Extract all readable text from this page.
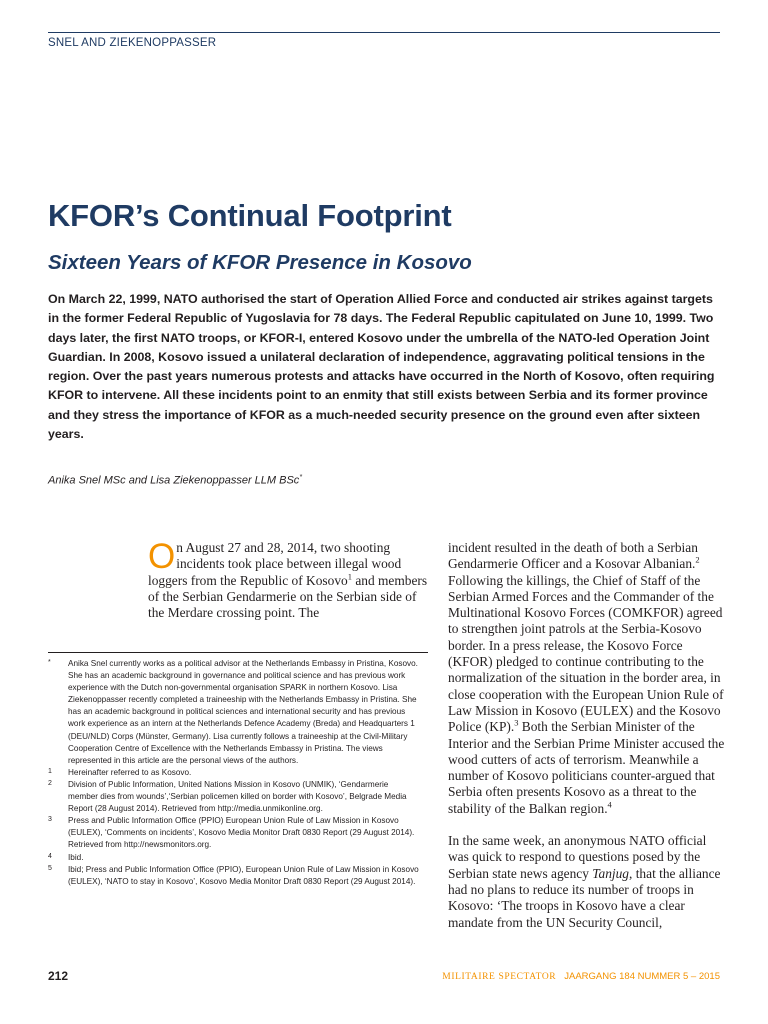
SNEL AND ZIEKENOPPASSER
KFOR’s Continual Footprint
Sixteen Years of KFOR Presence in Kosovo

On March 22, 1999, NATO authorised the start of Operation Allied Force and conducted air strikes against targets in the former Federal Republic of Yugoslavia for 78 days. The Federal Republic capitulated on June 10, 1999. Two days later, the first NATO troops, or KFOR-I, entered Kosovo under the umbrella of the NATO-led Operation Joint Guardian. In 2008, Kosovo issued a unilateral declaration of independence, aggravating political tensions in the region. Over the past years numerous protests and attacks have occurred in the North of Kosovo, often requiring KFOR to intervene. All these incidents point to an enmity that still exists between Serbia and its former province and they stress the importance of KFOR as a much-needed security presence on the ground even after sixteen years.

Anika Snel MSc and Lisa Ziekenoppasser LLM BSc*

On August 27 and 28, 2014, two shooting incidents took place between illegal wood loggers from the Republic of Kosovo$^1$ and members of the Serbian Gendarmerie on the Serbian side of the Merdare crossing point. The

*	Anika Snel currently works as a political advisor at the Netherlands Embassy in Pristina, Kosovo. She has an academic background in governance and political science and has previous work experience with the Dutch non-governmental organisation SPARK in northern Kosovo. Lisa Ziekenoppasser recently completed a traineeship with the Netherlands Embassy in Pristina. She has an academic background in political sciences and international security and has previous work experience as an intern at the Netherlands Defence Academy (Breda) and Headquarters 1 (DEU/NLD) Corps (Münster, Germany). Lisa currently follows a traineeship at the Civil-Military Cooperation Centre of Excellence with the Netherlands Embassy in Pristina. The views represented in this article are the personal views of the authors.
1	Hereinafter referred to as Kosovo.
2	Division of Public Information, United Nations Mission in Kosovo (UNMIK), ‘Gendarmerie member dies from wounds’,‘Serbian policemen killed on border with Kosovo’, Belgrade Media Report (28 August 2014). Retrieved from http://media.unmikonline.org.
3	Press and Public Information Office (PPIO) European Union Rule of Law Mission in Kosovo (EULEX), ‘Comments on incidents’, Kosovo Media Monitor Draft 0830 Report (29 August 2014). Retrieved from http://newsmonitors.org.
4	Ibid.
5	Ibid; Press and Public Information Office (PPIO), European Union Rule of Law Mission in Kosovo (EULEX), ‘NATO to stay in Kosovo’, Kosovo Media Monitor Draft 0830 Report (29 August 2014).

incident resulted in the death of both a Serbian Gendarmerie Officer and a Kosovar Albanian.$^2$ Following the killings, the Chief of Staff of the Serbian Armed Forces and the Commander of the Multinational Kosovo Forces (COMKFOR) agreed to strengthen joint patrols at the Serbia-Kosovo border. In a press release, the Kosovo Force (KFOR) pledged to continue contributing to the normalization of the situation in the border area, in close cooperation with the European Union Rule of Law Mission in Kosovo (EULEX) and the Kosovo Police (KP).$^3$ Both the Serbian Minister of the Interior and the Serbian Prime Minister accused the wood cutters of acts of terrorism. Meanwhile a number of Kosovo politicians counter-argued that Serbia often presents Kosovo as a threat to the stability of the Balkan region.$^4$

In the same week, an anonymous NATO official was quick to respond to questions posed by the Serbian state news agency Tanjug, that the alliance had no plans to reduce its number of troops in Kosovo: ‘The troops in Kosovo have a clear mandate from the UN Security Council,

212	MILITAIRE SPECTATOR JAARGANG 184 NUMMER 5 – 2015
